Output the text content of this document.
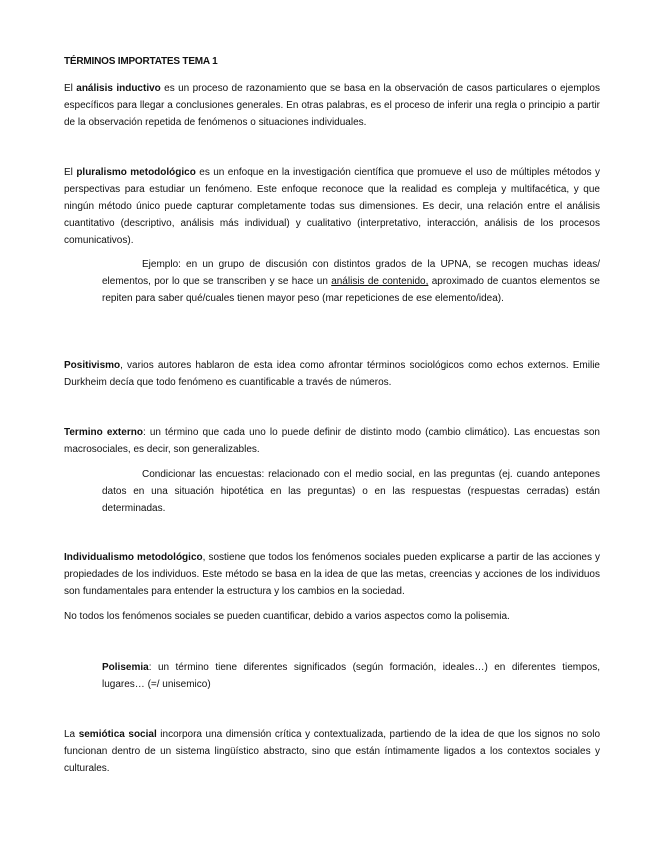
TÉRMINOS IMPORTATES TEMA 1

El análisis inductivo es un proceso de razonamiento que se basa en la observación de casos particulares o ejemplos específicos para llegar a conclusiones generales. En otras palabras, es el proceso de inferir una regla o principio a partir de la observación repetida de fenómenos o situaciones individuales.

El pluralismo metodológico es un enfoque en la investigación científica que promueve el uso de múltiples métodos y perspectivas para estudiar un fenómeno. Este enfoque reconoce que la realidad es compleja y multifacética, y que ningún método único puede capturar completamente todas sus dimensiones. Es decir, una relación entre el análisis cuantitativo (descriptivo, análisis más individual) y cualitativo (interpretativo, interacción, análisis de los procesos comunicativos).

Ejemplo: en un grupo de discusión con distintos grados de la UPNA, se recogen muchas ideas/ elementos, por lo que se transcriben y se hace un análisis de contenido, aproximado de cuantos elementos se repiten para saber qué/cuales tienen mayor peso (mar repeticiones de ese elemento/idea).

Positivismo, varios autores hablaron de esta idea como afrontar términos sociológicos como echos externos. Emilie Durkheim decía que todo fenómeno es cuantificable a través de números.

Termino externo: un término que cada uno lo puede definir de distinto modo (cambio climático). Las encuestas son macrosociales, es decir, son generalizables.

Condicionar las encuestas: relacionado con el medio social, en las preguntas (ej. cuando antepones datos en una situación hipotética en las preguntas) o en las respuestas (respuestas cerradas) están determinadas.

Individualismo metodológico, sostiene que todos los fenómenos sociales pueden explicarse a partir de las acciones y propiedades de los individuos. Este método se basa en la idea de que las metas, creencias y acciones de los individuos son fundamentales para entender la estructura y los cambios en la sociedad.

No todos los fenómenos sociales se pueden cuantificar, debido a varios aspectos como la polisemia.

Polisemia: un término tiene diferentes significados (según formación, ideales…) en diferentes tiempos, lugares… (=/ unisemico)

La semiótica social incorpora una dimensión crítica y contextualizada, partiendo de la idea de que los signos no solo funcionan dentro de un sistema lingüístico abstracto, sino que están íntimamente ligados a los contextos sociales y culturales.
